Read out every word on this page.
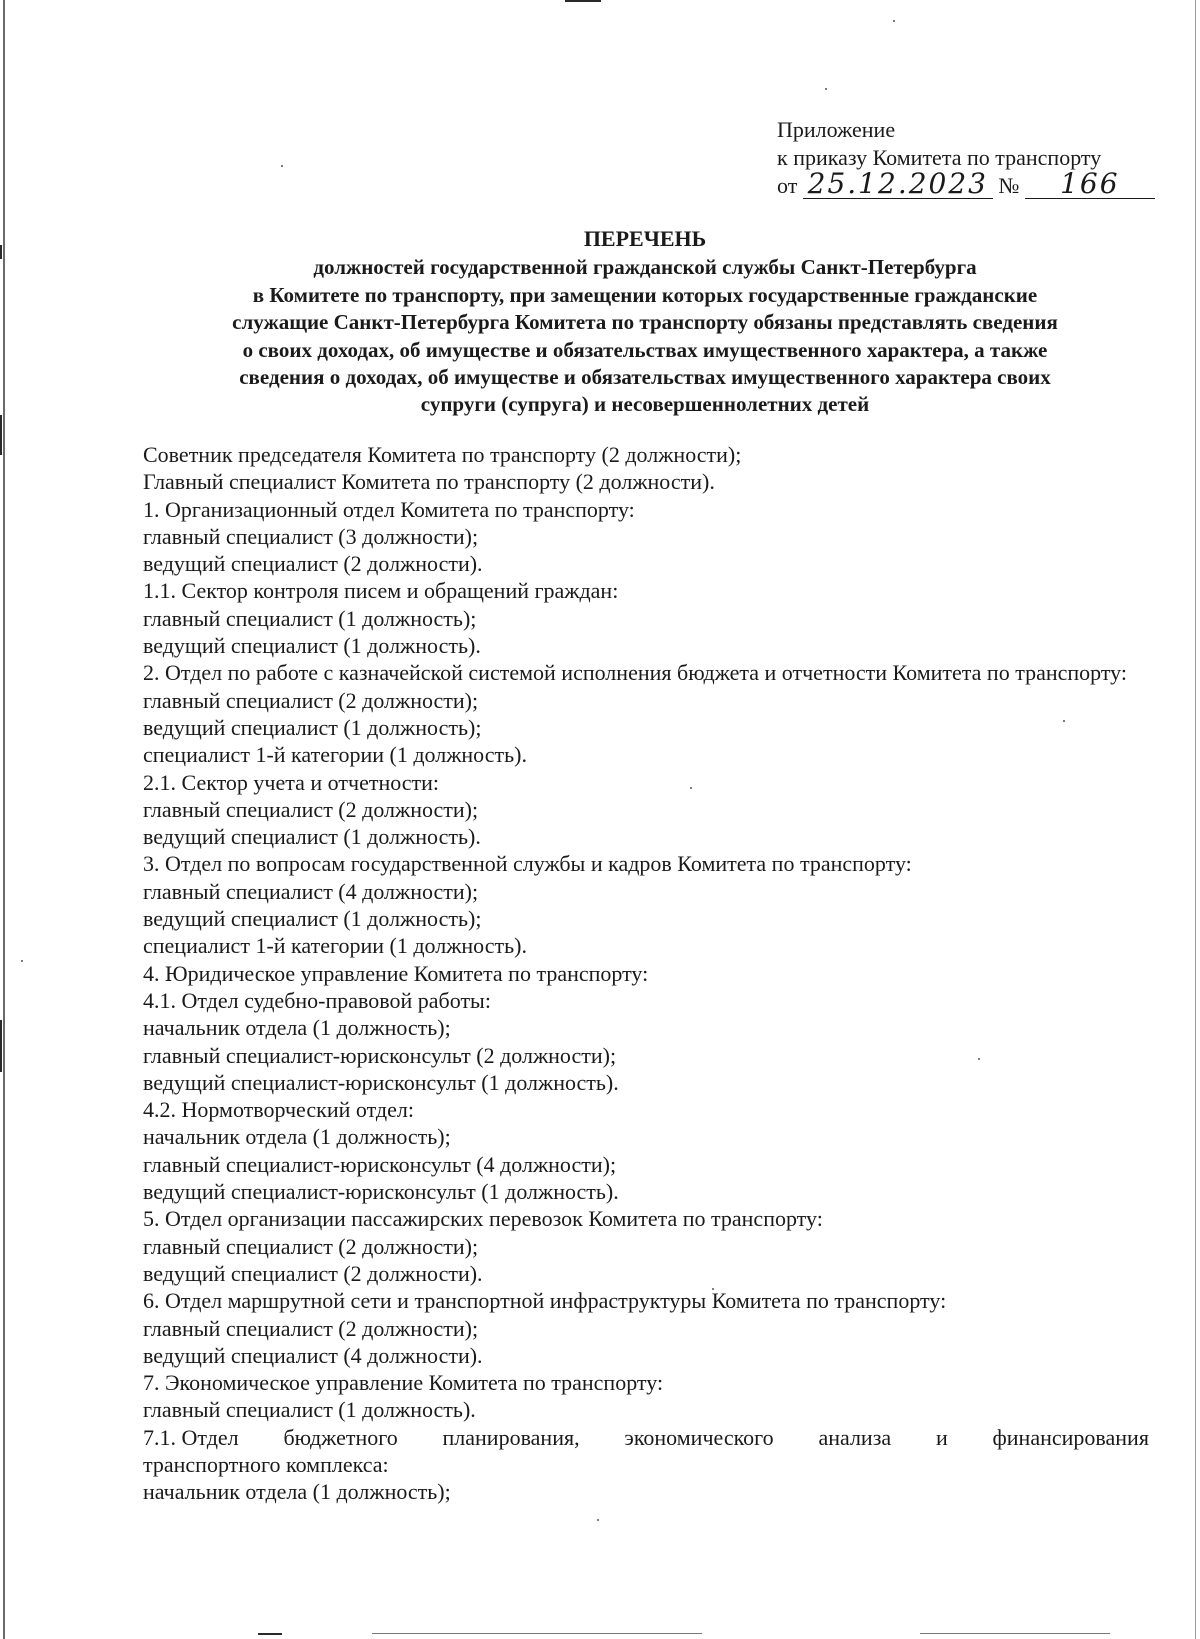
Приложение
к приказу Комитета по транспорту
от 25.12.2023 № 166
ПЕРЕЧЕНЬ
должностей государственной гражданской службы Санкт-Петербурга
в Комитете по транспорту, при замещении которых государственные гражданские
служащие Санкт-Петербурга Комитета по транспорту обязаны представлять сведения
о своих доходах, об имуществе и обязательствах имущественного характера, а также
сведения о доходах, об имуществе и обязательствах имущественного характера своих
супруги (супруга) и несовершеннолетних детей
Советник председателя Комитета по транспорту (2 должности);
Главный специалист Комитета по транспорту (2 должности).
1. Организационный отдел Комитета по транспорту:
главный специалист (3 должности);
ведущий специалист (2 должности).
1.1. Сектор контроля писем и обращений граждан:
главный специалист (1 должность);
ведущий специалист (1 должность).
2. Отдел по работе с казначейской системой исполнения бюджета и отчетности Комитета по транспорту:
главный специалист (2 должности);
ведущий специалист (1 должность);
специалист 1-й категории (1 должность).
2.1. Сектор учета и отчетности:
главный специалист (2 должности);
ведущий специалист (1 должность).
3. Отдел по вопросам государственной службы и кадров Комитета по транспорту:
главный специалист (4 должности);
ведущий специалист (1 должность);
специалист 1-й категории (1 должность).
4. Юридическое управление Комитета по транспорту:
4.1. Отдел судебно-правовой работы:
начальник отдела (1 должность);
главный специалист-юрисконсульт (2 должности);
ведущий специалист-юрисконсульт (1 должность).
4.2. Нормотворческий отдел:
начальник отдела (1 должность);
главный специалист-юрисконсульт (4 должности);
ведущий специалист-юрисконсульт (1 должность).
5. Отдел организации пассажирских перевозок Комитета по транспорту:
главный специалист (2 должности);
ведущий специалист (2 должности).
6. Отдел маршрутной сети и транспортной инфраструктуры Комитета по транспорту:
главный специалист (2 должности);
ведущий специалист (4 должности).
7. Экономическое управление Комитета по транспорту:
главный специалист (1 должность).
7.1. Отдел бюджетного планирования, экономического анализа и финансирования
транспортного комплекса:
начальник отдела (1 должность);
